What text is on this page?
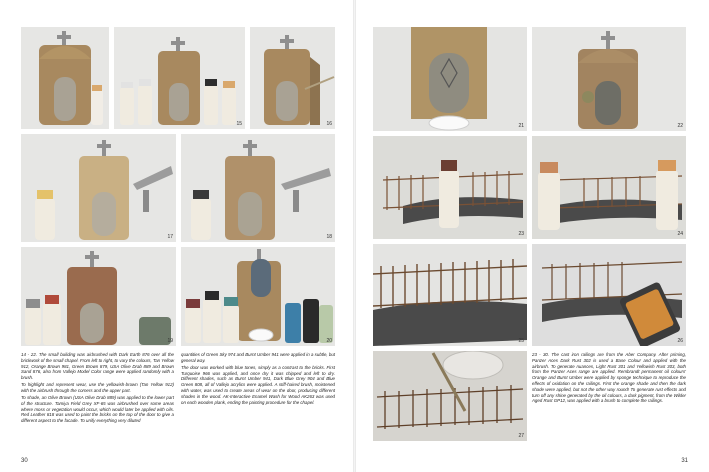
15	16
17	18
19	20

14 - 22. The small building was airbrushed with Dark Earth 876 over all the brickwork of the small chapel. From left to right, to vary the colours, Tan Yellow 912, Orange Brown 981, Green Brown 879, USA Olive Drab 889 and Brown Sand 876, also from Vallejo Model Color range were applied randomly with a brush.

To highlight and represent wear, use the yellowish-brown (Tan Yellow 912) with the airbrush through the corners and the upper part.

To shade, an Olive Brown (USA Olive Drab 889) was applied to the lower part of the structure. Tamiya Field Grey XF-65 was airbrushed over some areas where moss or vegetation would occur, which would later be applied with oils. Red Leather 818 was used to paint the bricks on the top of the door to give a different aspect to the facade. To unify everything very diluted

quantities of Green Sky 974 and Burnt Umber 941 were applied in a subtle, but general way.

The door was worked with blue tones, simply as a contrast to the bricks. First Turquoise 966 was applied, and once dry it was chipped and left to dry. Different shades, such as Burnt Umber 941, Dark Blue Grey 904 and Blue Green 808, all of Vallejo acrylics were applied. A stiff-haired brush, moistened with water, was used to create areas of wear on the door, producing different shades in the wood. AK-Interactive Enamel Wash for Wood AK263 was used on each wooden plank, ending the painting procedure for the chapel.

30
21	22
23	24
25	26
27

23 - 30. The cast iron railings are from the Aber Company. After priming, Panzer Aces Dark Rust 302 is used a Base Colour and applied with the airbrush. To generate nuances, Light Rust 301 and Yellowish Rust 303, both from the Panzer Aces range are applied. Rembrandt permanent oil colours' Orange and Burnt Umber were applied by sponge technique to reproduce the effects of oxidation on the railings. First the orange shade and then the dark shade were applied, but not the other way round! To generate rust effects and turn off any shine generated by the oil colours, a dark pigment, from the Wilder Aged Rust GP12, was applied with a brush to complete the railings.

31
